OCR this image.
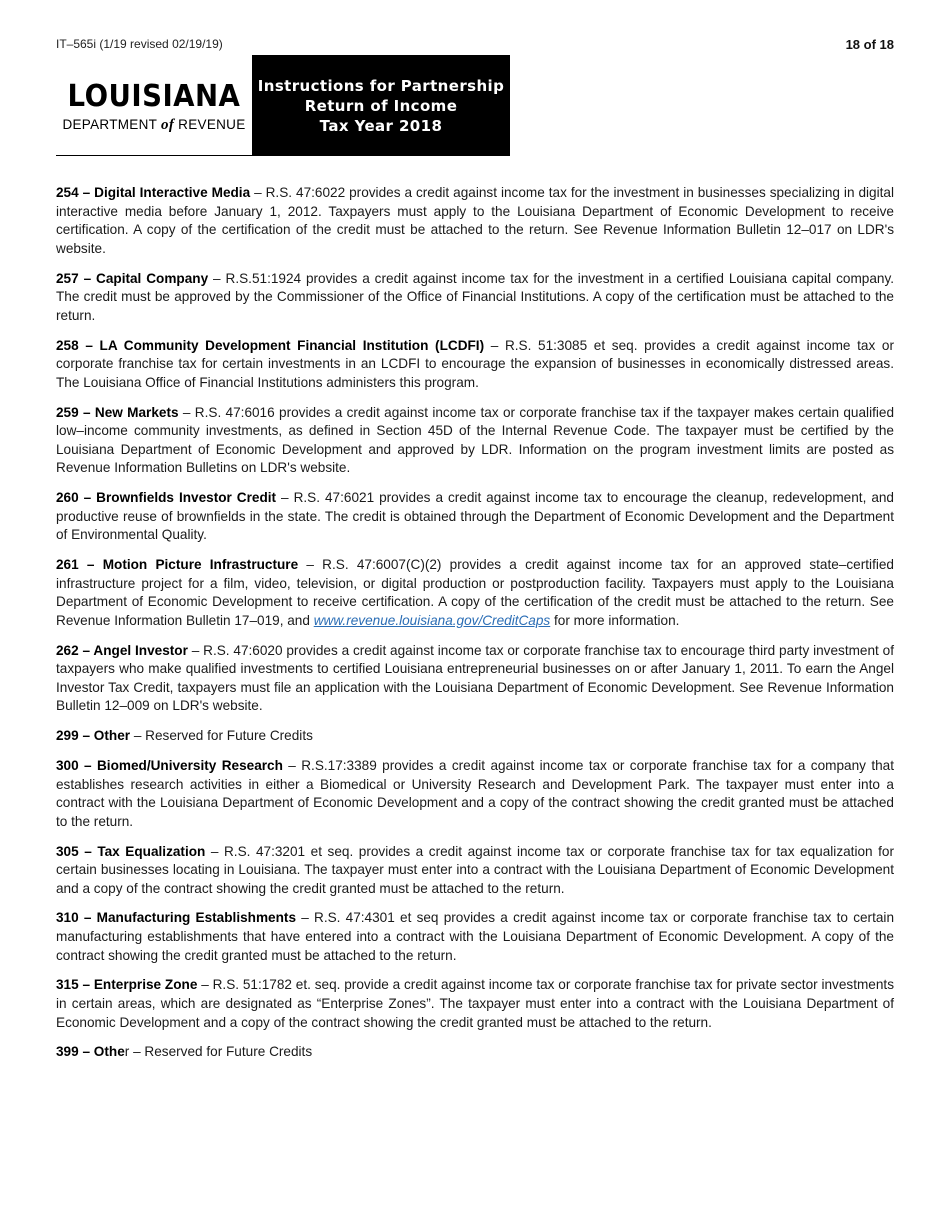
IT–565i (1/19 revised 02/19/19)	18 of 18
LOUISIANA
DEPARTMENT of REVENUE
Instructions for Partnership
Return of Income
Tax Year 2018

254 – Digital Interactive Media – R.S. 47:6022 provides a credit against income tax for the investment in businesses specializing in digital interactive media before January 1, 2012. Taxpayers must apply to the Louisiana Department of Economic Development to receive certification. A copy of the certification of the credit must be attached to the return. See Revenue Information Bulletin 12–017 on LDR's website.

257 – Capital Company – R.S.51:1924 provides a credit against income tax for the investment in a certified Louisiana capital company. The credit must be approved by the Commissioner of the Office of Financial Institutions. A copy of the certification must be attached to the return.

258 – LA Community Development Financial Institution (LCDFI) – R.S. 51:3085 et seq. provides a credit against income tax or corporate franchise tax for certain investments in an LCDFI to encourage the expansion of businesses in economically distressed areas. The Louisiana Office of Financial Institutions administers this program.

259 – New Markets – R.S. 47:6016 provides a credit against income tax or corporate franchise tax if the taxpayer makes certain qualified low–income community investments, as defined in Section 45D of the Internal Revenue Code. The taxpayer must be certified by the Louisiana Department of Economic Development and approved by LDR. Information on the program investment limits are posted as Revenue Information Bulletins on LDR's website.

260 – Brownfields Investor Credit – R.S. 47:6021 provides a credit against income tax to encourage the cleanup, redevelopment, and productive reuse of brownfields in the state. The credit is obtained through the Department of Economic Development and the Department of Environmental Quality.

261 – Motion Picture Infrastructure – R.S. 47:6007(C)(2) provides a credit against income tax for an approved state–certified infrastructure project for a film, video, television, or digital production or postproduction facility. Taxpayers must apply to the Louisiana Department of Economic Development to receive certification. A copy of the certification of the credit must be attached to the return. See Revenue Information Bulletin 17–019, and www.revenue.louisiana.gov/CreditCaps for more information.

262 – Angel Investor – R.S. 47:6020 provides a credit against income tax or corporate franchise tax to encourage third party investment of taxpayers who make qualified investments to certified Louisiana entrepreneurial businesses on or after January 1, 2011. To earn the Angel Investor Tax Credit, taxpayers must file an application with the Louisiana Department of Economic Development. See Revenue Information Bulletin 12–009 on LDR's website.

299 – Other – Reserved for Future Credits

300 – Biomed/University Research – R.S.17:3389 provides a credit against income tax or corporate franchise tax for a company that establishes research activities in either a Biomedical or University Research and Development Park. The taxpayer must enter into a contract with the Louisiana Department of Economic Development and a copy of the contract showing the credit granted must be attached to the return.

305 – Tax Equalization – R.S. 47:3201 et seq. provides a credit against income tax or corporate franchise tax for tax equalization for certain businesses locating in Louisiana. The taxpayer must enter into a contract with the Louisiana Department of Economic Development and a copy of the contract showing the credit granted must be attached to the return.

310 – Manufacturing Establishments – R.S. 47:4301 et seq provides a credit against income tax or corporate franchise tax to certain manufacturing establishments that have entered into a contract with the Louisiana Department of Economic Development. A copy of the contract showing the credit granted must be attached to the return.

315 – Enterprise Zone – R.S. 51:1782 et. seq. provide a credit against income tax or corporate franchise tax for private sector investments in certain areas, which are designated as “Enterprise Zones”. The taxpayer must enter into a contract with the Louisiana Department of Economic Development and a copy of the contract showing the credit granted must be attached to the return.

399 – Other – Reserved for Future Credits
